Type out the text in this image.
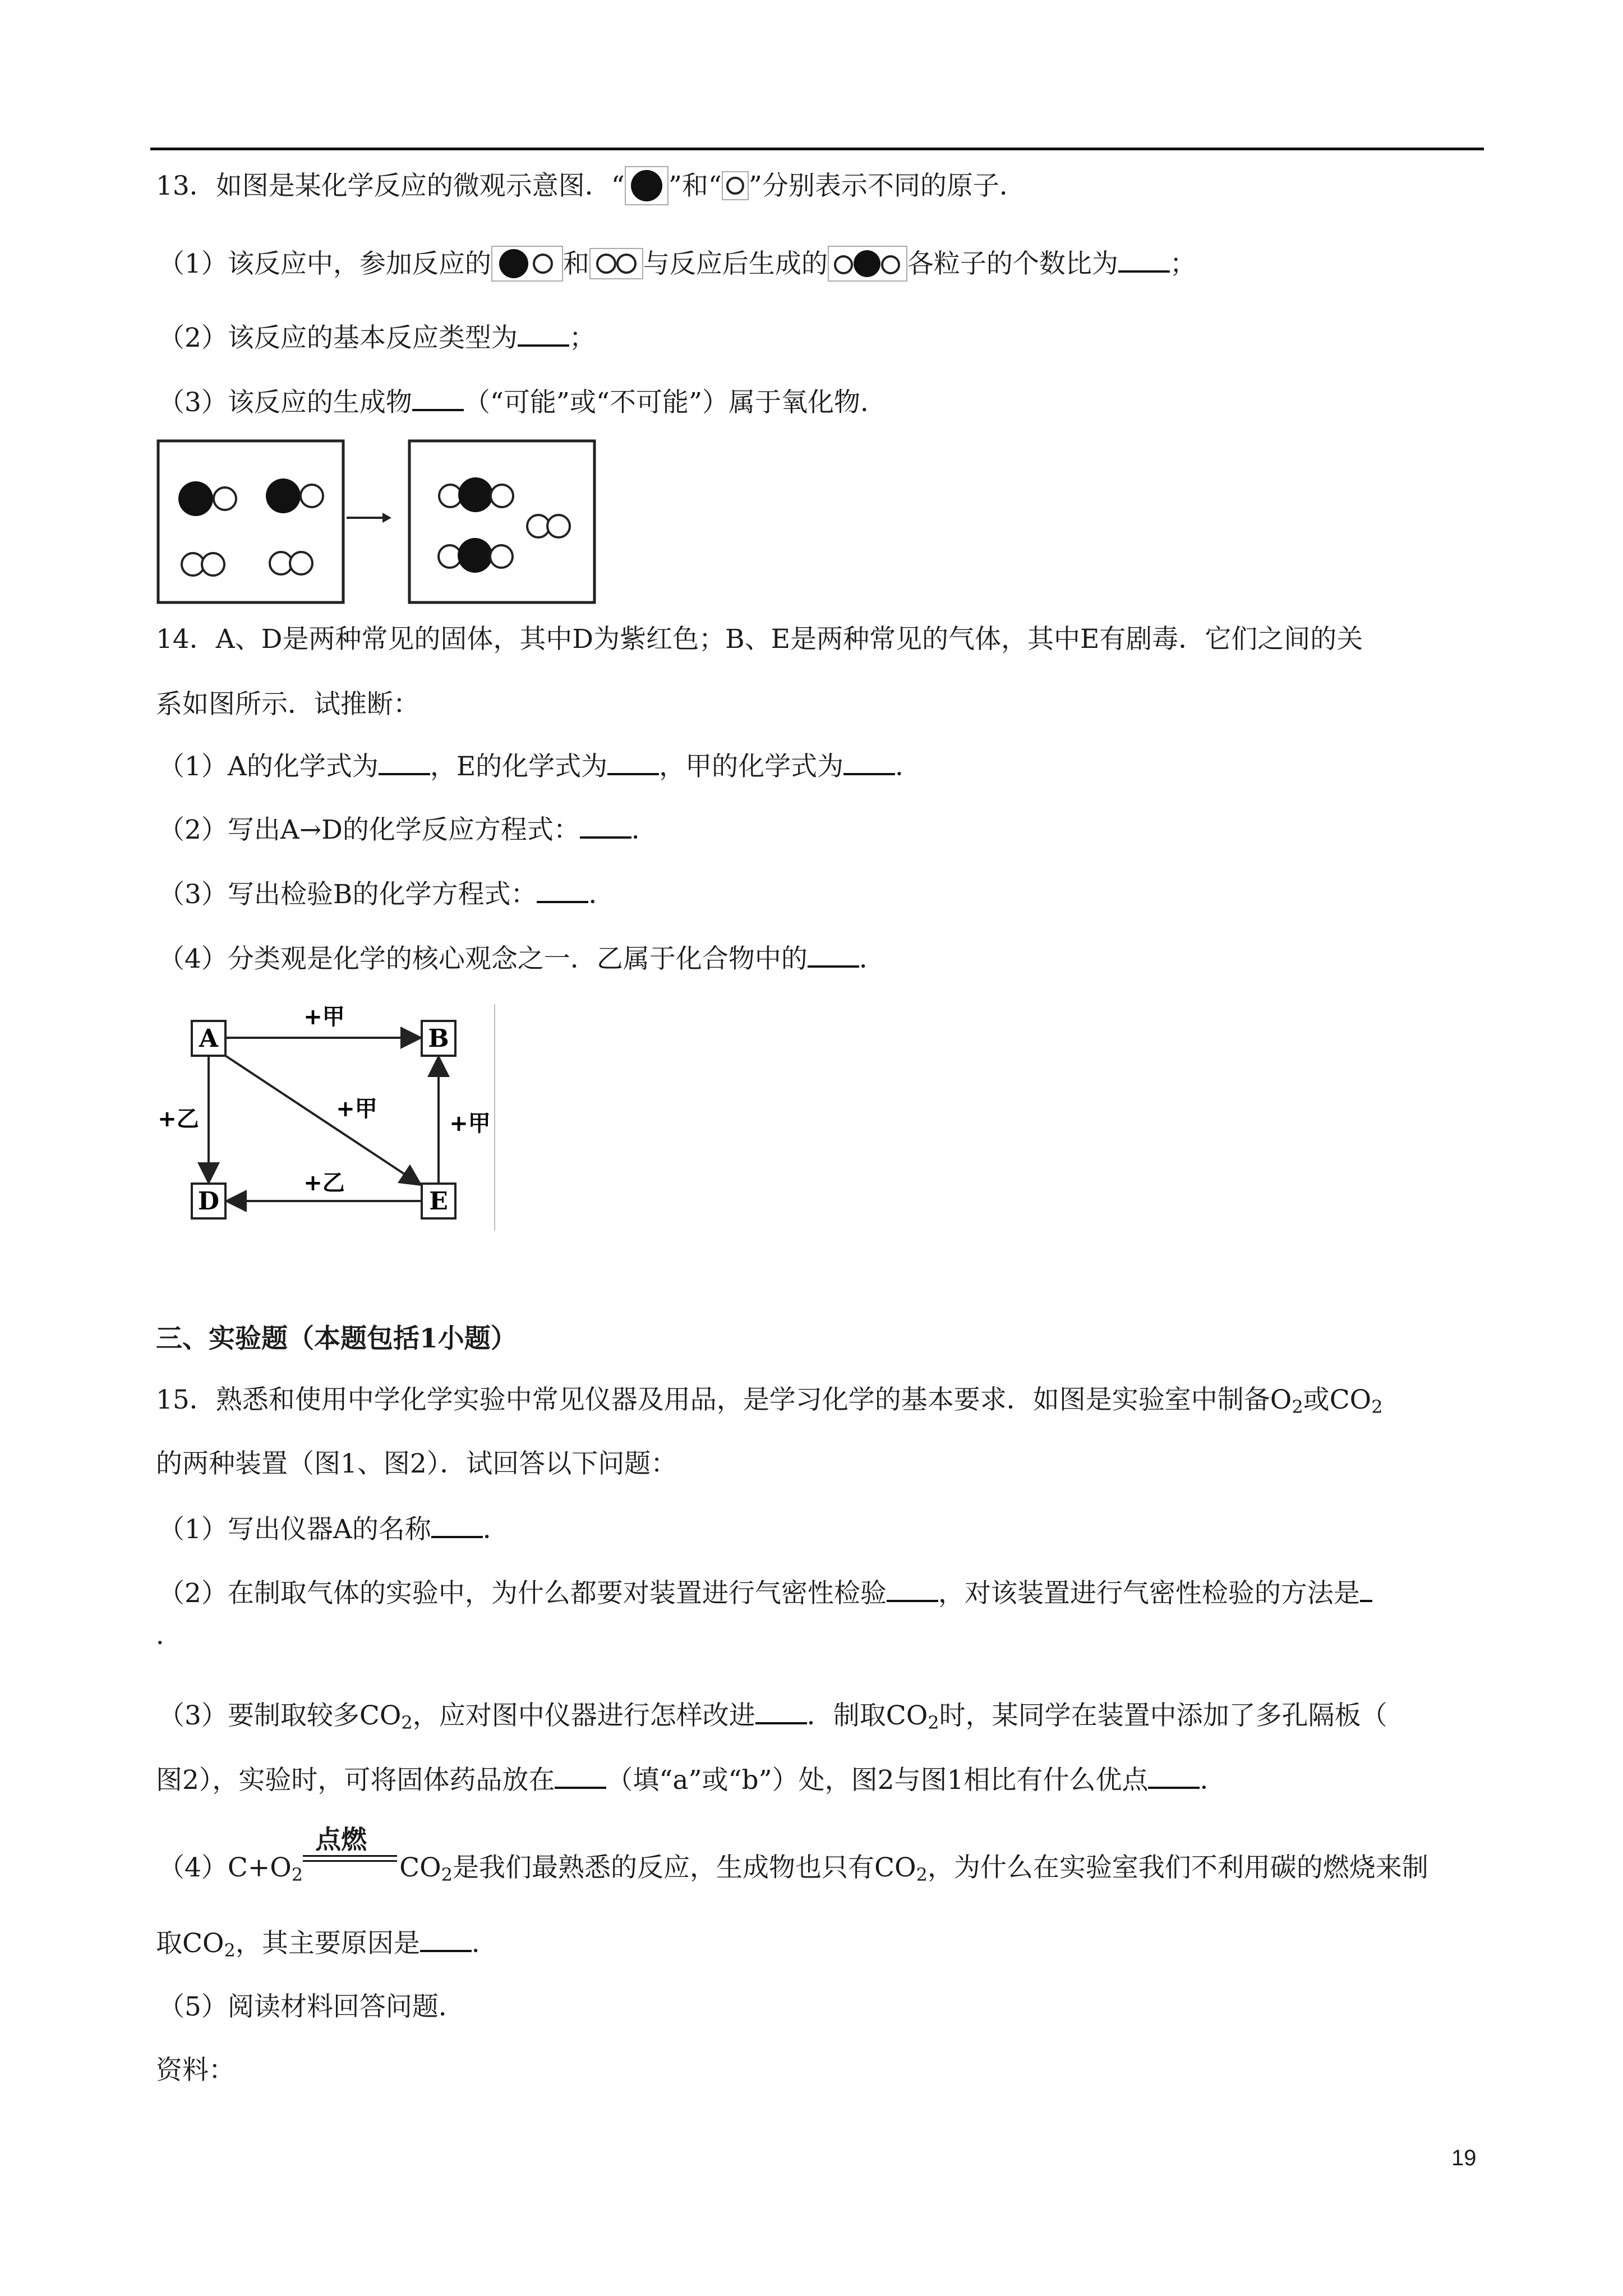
13．如图是某化学反应的微观示意图．“ ”和“ ”分别表示不同的原子．
（1）该反应中，参加反应的	和 与反应后生成的	各粒子的个数比为 ；
（2）该反应的基本反应类型为 ；
（3）该反应的生成物 （“可能”或“不可能”）属于氧化物．
14．A、D是两种常见的固体，其中D为紫红色；B、E是两种常见的气体，其中E有剧毒．它们之间的关
系如图所示．试推断：
（1）A的化学式为 ，E的化学式为 ，甲的化学式为 ．
（2）写出A→D的化学反应方程式： ．
（3）写出检验B的化学方程式： ．
（4）分类观是化学的核心观念之一．乙属于化合物中的 ．
A	B
D	E
+甲
+甲
+甲
+乙
+乙
三、实验题（本题包括1小题）
15．熟悉和使用中学化学实验中常见仪器及用品，是学习化学的基本要求．如图是实验室中制备$O_2$或$CO_2$
的两种装置（图1、图2）．试回答以下问题：
（1）写出仪器A的名称 ．
（2）在制取气体的实验中，为什么都要对装置进行气密性检验 ，对该装置进行气密性检验的方法是
．
（3）要制取较多$CO_2$，应对图中仪器进行怎样改进 ．制取$CO_2$时，某同学在装置中添加了多孔隔板（
图2），实验时，可将固体药品放在 （填“a”或“b”）处，图2与图1相比有什么优点 ．
$(4)C+O_2$
点燃
$CO_2$是我们最熟悉的反应，生成物也只有$CO_2$，为什么在实验室我们不利用碳的燃烧来制
取$CO_2$，其主要原因是 ．
（5）阅读材料回答问题．
资料：
19
